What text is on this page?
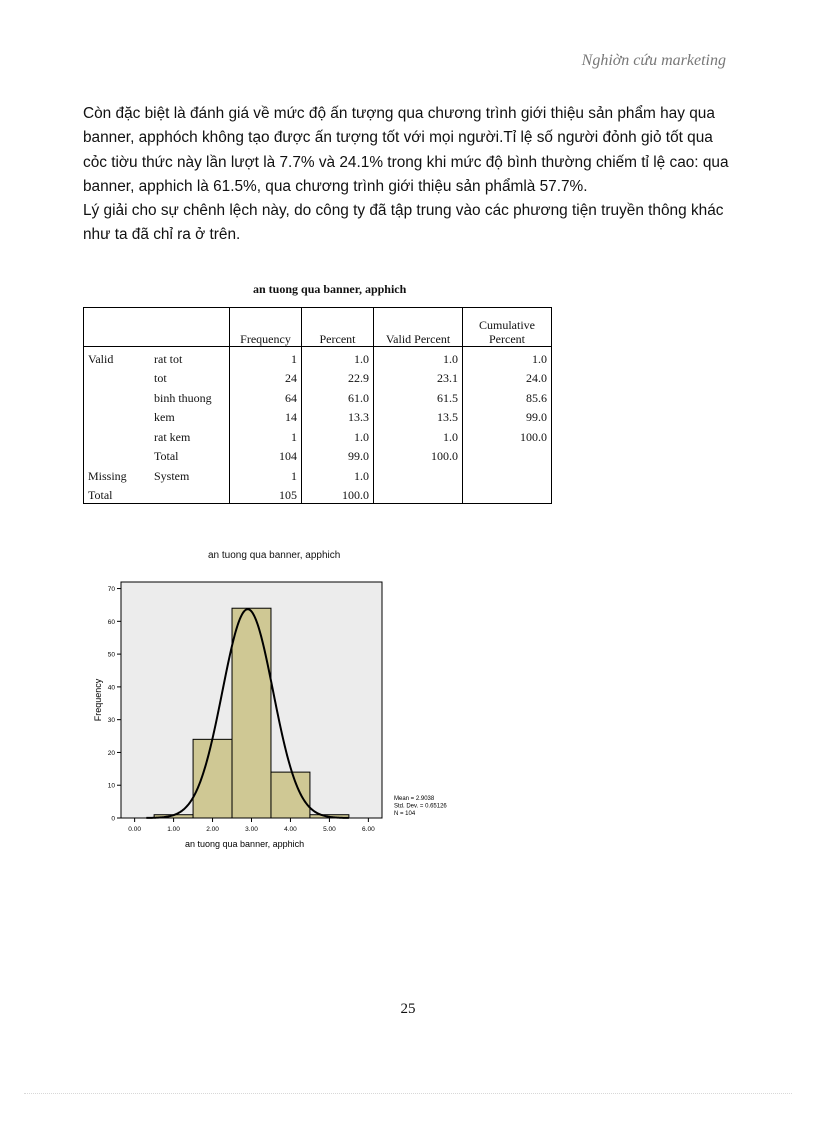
Nghiờn cứu marketing

Còn đặc biệt là đánh giá về mức độ ấn tượng qua chương trình giới thiệu sản phẩm hay qua banner, apphóch không tạo được ấn tượng tốt với mọi người.Tỉ lệ số người đỏnh giỏ tốt qua cỏc tiờu thức này lần lượt là 7.7% và 24.1% trong khi mức độ bình thường chiếm tỉ lệ cao: qua banner, apphich là 61.5%, qua chương trình giới thiệu sản phẩmlà 57.7%.

Lý giải cho sự chênh lệch này, do công ty đã tập trung vào các phương tiện truyền thông khác như ta đã chỉ ra ở trên.

an tuong qua banner, apphich
		Frequency	Percent	Valid Percent	Cumulative Percent
Valid	rat tot	1	1.0	1.0	1.0
	tot	24	22.9	23.1	24.0
	binh thuong	64	61.0	61.5	85.6
	kem	14	13.3	13.5	99.0
	rat kem	1	1.0	1.0	100.0
	Total	104	99.0	100.0	
Missing	System	1	1.0		
Total		105	100.0		
an tuong qua banner, apphich
0
10
20
30
40
50
60
70
0.00	1.00	2.00	3.00	4.00	5.00	6.00
Frequency
an tuong qua banner, apphich
Mean = 2.9038
Std. Dev. = 0.65126
N = 104
25
